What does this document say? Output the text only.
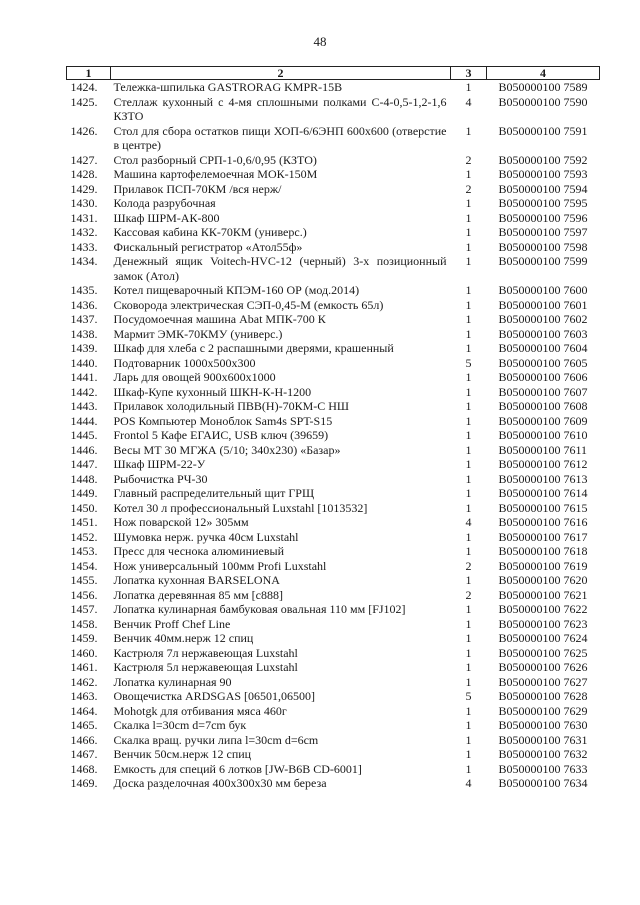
48
1	2	3	4
1424.	Тележка-шпилька GASTRORAG KMPR-15B	1	B050000100 7589
1425.	Стеллаж кухонный с 4-мя сплошными полками С-4-0,5-1,2-1,6 КЗТО	4	B050000100 7590
1426.	Стол для сбора остатков пищи ХОП-6/6ЭНП 600x600 (отверстие в центре)	1	B050000100 7591
1427.	Стол разборный СРП-1-0,6/0,95 (КЗТО)	2	B050000100 7592
1428.	Машина картофелемоечная МОК-150М	1	B050000100 7593
1429.	Прилавок ПСП-70КМ /вся нерж/	2	B050000100 7594
1430.	Колода разрубочная	1	B050000100 7595
1431.	Шкаф ШРМ-АК-800	1	B050000100 7596
1432.	Кассовая кабина КК-70КМ (универс.)	1	B050000100 7597
1433.	Фискальный регистратор «Атол55ф»	1	B050000100 7598
1434.	Денежный ящик Voitech-HVC-12 (черный) 3-х позиционный замок (Атол)	1	B050000100 7599
1435.	Котел пищеварочный КПЭМ-160 ОР (мод.2014)	1	B050000100 7600
1436.	Сковорода электрическая СЭП-0,45-М (емкость 65л)	1	B050000100 7601
1437.	Посудомоечная машина Abat МПК-700 К	1	B050000100 7602
1438.	Мармит ЭМК-70КМУ (универс.)	1	B050000100 7603
1439.	Шкаф для хлеба с 2 распашными дверями, крашенный	1	B050000100 7604
1440.	Подтоварник 1000x500x300	5	B050000100 7605
1441.	Ларь для овощей 900x600x1000	1	B050000100 7606
1442.	Шкаф-Купе кухонный ШКН-К-Н-1200	1	B050000100 7607
1443.	Прилавок холодильный ПВВ(Н)-70КМ-С НШ	1	B050000100 7608
1444.	POS Компьютер Моноблок Sam4s SPT-S15	1	B050000100 7609
1445.	Frontol 5 Кафе ЕГАИС, USB ключ (39659)	1	B050000100 7610
1446.	Весы МТ 30 МГЖА (5/10; 340x230) «Базар»	1	B050000100 7611
1447.	Шкаф ШРМ-22-У	1	B050000100 7612
1448.	Рыбочистка РЧ-30	1	B050000100 7613
1449.	Главный распределительный щит ГРЩ	1	B050000100 7614
1450.	Котел 30 л профессиональный Luxstahl [1013532]	1	B050000100 7615
1451.	Нож поварской 12» 305мм	4	B050000100 7616
1452.	Шумовка нерж. ручка 40см Luxstahl	1	B050000100 7617
1453.	Пресс для чеснока алюминиевый	1	B050000100 7618
1454.	Нож универсальный 100мм Profi Luxstahl	2	B050000100 7619
1455.	Лопатка кухонная BARSELONA	1	B050000100 7620
1456.	Лопатка деревянная 85 мм [c888]	2	B050000100 7621
1457.	Лопатка кулинарная бамбуковая овальная 110 мм [FJ102]	1	B050000100 7622
1458.	Венчик Proff Chef Line	1	B050000100 7623
1459.	Венчик 40мм.нерж 12 спиц	1	B050000100 7624
1460.	Кастрюля 7л нержавеющая Luxstahl	1	B050000100 7625
1461.	Кастрюля 5л нержавеющая Luxstahl	1	B050000100 7626
1462.	Лопатка кулинарная 90	1	B050000100 7627
1463.	Овощечистка ARDSGAS [06501,06500]	5	B050000100 7628
1464.	Mohotgk для отбивания мяса 460г	1	B050000100 7629
1465.	Скалка l=30cm d=7cm бук	1	B050000100 7630
1466.	Скалка вращ. ручки липа l=30cm d=6cm	1	B050000100 7631
1467.	Венчик 50см.нерж 12 спиц	1	B050000100 7632
1468.	Емкость для специй 6 лотков [JW-B6B CD-6001]	1	B050000100 7633
1469.	Доска разделочная 400x300x30 мм береза	4	B050000100 7634
